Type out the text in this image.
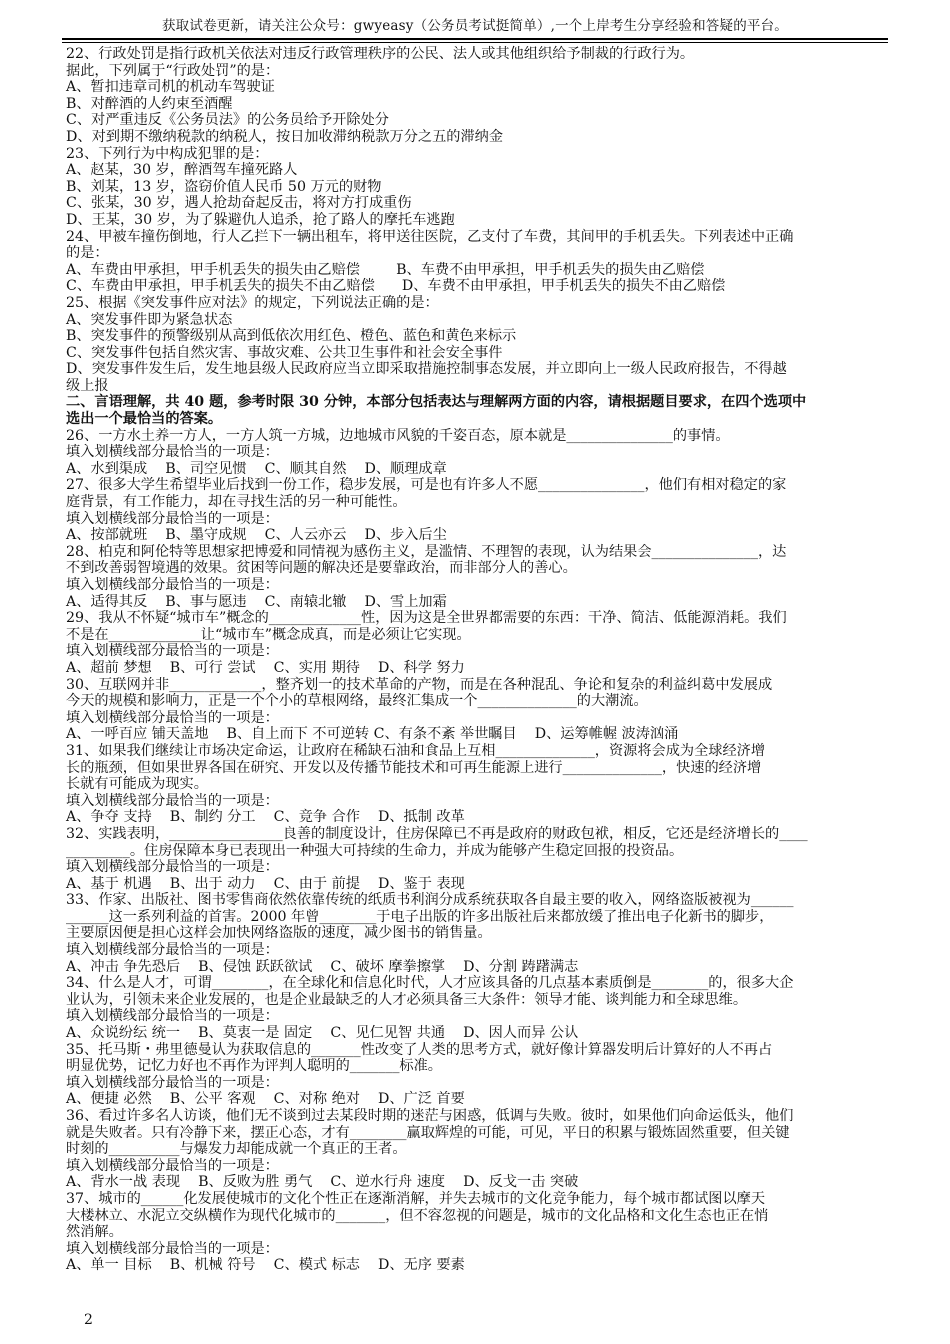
获取试卷更新，请关注公众号：gwyeasy（公务员考试挺简单）,一个上岸考生分享经验和答疑的平台。
22、行政处罚是指行政机关依法对违反行政管理秩序的公民、法人或其他组织给予制裁的行政行为。
据此，下列属于“行政处罚”的是：
A、暂扣违章司机的机动车驾驶证
B、对醉酒的人约束至酒醒
C、对严重违反《公务员法》的公务员给予开除处分
D、对到期不缴纳税款的纳税人，按日加收滞纳税款万分之五的滞纳金
23、下列行为中构成犯罪的是：
A、赵某，30 岁，醉酒驾车撞死路人
B、刘某，13 岁，盗窃价值人民币 50 万元的财物
C、张某，30 岁，遇人抢劫奋起反击，将对方打成重伤
D、王某，30 岁，为了躲避仇人追杀，抢了路人的摩托车逃跑
24、甲被车撞伤倒地，行人乙拦下一辆出租车，将甲送往医院，乙支付了车费，其间甲的手机丢失。下列表述中正确
的是：
A、车费由甲承担，甲手机丢失的损失由乙赔偿        B、车费不由甲承担，甲手机丢失的损失由乙赔偿
C、车费由甲承担，甲手机丢失的损失不由乙赔偿      D、车费不由甲承担，甲手机丢失的损失不由乙赔偿
25、根据《突发事件应对法》的规定，下列说法正确的是：
A、突发事件即为紧急状态
B、突发事件的预警级别从高到低依次用红色、橙色、蓝色和黄色来标示
C、突发事件包括自然灾害、事故灾难、公共卫生事件和社会安全事件
D、突发事件发生后，发生地县级人民政府应当立即采取措施控制事态发展，并立即向上一级人民政府报告，不得越
级上报
二、言语理解，共 40 题，参考时限 30 分钟，本部分包括表达与理解两方面的内容，请根据题目要求，在四个选项中
选出一个最恰当的答案。
26、一方水土养一方人，一方人筑一方城，边地城市风貌的千姿百态，原本就是_______________的事情。
填入划横线部分最恰当的一项是：
A、水到渠成    B、司空见惯    C、顺其自然    D、顺理成章
27、很多大学生希望毕业后找到一份工作，稳步发展，可是也有许多人不愿_______________，他们有相对稳定的家
庭背景，有工作能力，却在寻找生活的另一种可能性。
填入划横线部分最恰当的一项是：
A、按部就班    B、墨守成规    C、人云亦云    D、步入后尘
28、柏克和阿伦特等思想家把博爱和同情视为感伤主义，是滥情、不理智的表现，认为结果会_______________，达
不到改善弱智境遇的效果。贫困等问题的解决还是要靠政治，而非部分人的善心。
填入划横线部分最恰当的一项是：
A、适得其反    B、事与愿违    C、南辕北辙    D、雪上加霜
29、我从不怀疑“城市车”概念的_____________性，因为这是全世界都需要的东西：干净、简洁、低能源消耗。我们
不是在_____________让“城市车”概念成真，而是必须让它实现。
填入划横线部分最恰当的一项是：
A、超前 梦想    B、可行 尝试    C、实用 期待    D、科学 努力
30、互联网并非_____________，整齐划一的技术革命的产物，而是在各种混乱、争论和复杂的利益纠葛中发展成
今天的规模和影响力，正是一个个小的草根网络，最终汇集成一个______________的大潮流。
填入划横线部分最恰当的一项是：
A、一呼百应 铺天盖地    B、自上而下 不可逆转 C、有条不紊 举世瞩目    D、运筹帷幄 波涛汹涌
31、如果我们继续让市场决定命运，让政府在稀缺石油和食品上互相______________，资源将会成为全球经济增
长的瓶颈，但如果世界各国在研究、开发以及传播节能技术和可再生能源上进行______________，快速的经济增
长就有可能成为现实。
填入划横线部分最恰当的一项是：
A、争夺 支持    B、制约 分工    C、竞争 合作    D、抵制 改革
32、实践表明，________________良善的制度设计，住房保障已不再是政府的财政包袱，相反，它还是经济增长的____
_________。住房保障本身已表现出一种强大可持续的生命力，并成为能够产生稳定回报的投资品。
填入划横线部分最恰当的一项是：
A、基于 机遇    B、出于 动力    C、由于 前提    D、鉴于 表现
33、作家、出版社、图书零售商依然依靠传统的纸质书利润分成系统获取各自最主要的收入，网络盗版被视为______
______这一系列利益的首害。2000 年曾________于电子出版的许多出版社后来都放缓了推出电子化新书的脚步，
主要原因便是担心这样会加快网络盗版的速度，减少图书的销售量。
填入划横线部分最恰当的一项是：
A、冲击 争先恐后    B、侵蚀 跃跃欲试    C、破坏 摩拳擦掌    D、分割 踌躇满志
34、什么是人才，可谓________，在全球化和信息化时代，人才应该具备的几点基本素质倒是________的，很多大企
业认为，引领未来企业发展的，也是企业最缺乏的人才必须具备三大条件：领导才能、谈判能力和全球思维。
填入划横线部分最恰当的一项是：
A、众说纷纭 统一    B、莫衷一是 固定    C、见仁见智 共通    D、因人而异 公认
35、托马斯・弗里德曼认为获取信息的_______性改变了人类的思考方式，就好像计算器发明后计算好的人不再占
明显优势，记忆力好也不再作为评判人聪明的_______标准。
填入划横线部分最恰当的一项是：
A、便捷 必然    B、公平 客观    C、对称 绝对    D、广泛 首要
36、看过许多名人访谈，他们无不谈到过去某段时期的迷茫与困惑，低调与失败。彼时，如果他们向命运低头，他们
就是失败者。只有冷静下来，摆正心态，才有________赢取辉煌的可能，可见，平日的积累与锻炼固然重要，但关键
时刻的__________与爆发力却能成就一个真正的王者。
填入划横线部分最恰当的一项是：
A、背水一战 表现    B、反败为胜 勇气    C、逆水行舟 速度    D、反戈一击 突破
37、城市的______化发展使城市的文化个性正在逐渐消解，并失去城市的文化竞争能力，每个城市都试图以摩天
大楼林立、水泥立交纵横作为现代化城市的_______，但不容忽视的问题是，城市的文化品格和文化生态也正在悄
然消解。
填入划横线部分最恰当的一项是：
A、单一 目标    B、机械 符号    C、模式 标志    D、无序 要素
2
